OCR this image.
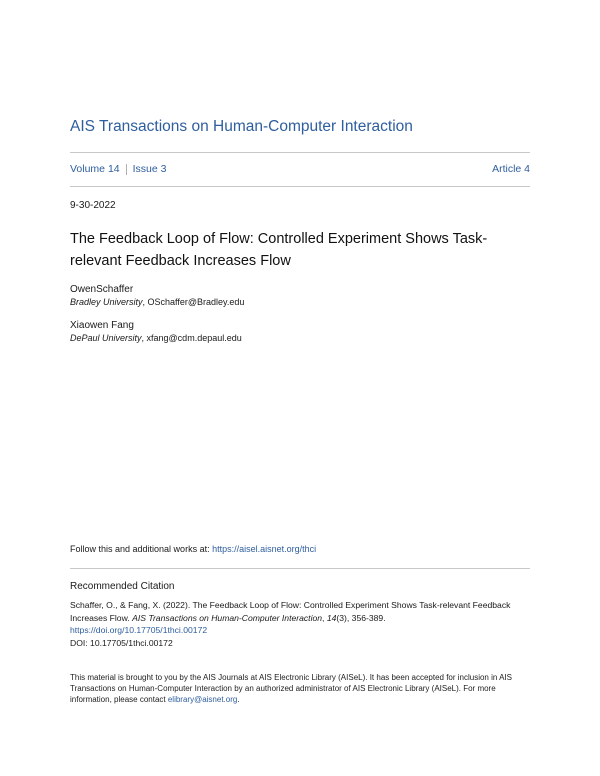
AIS Transactions on Human-Computer Interaction
Volume 14 Issue 3	Article 4
9-30-2022
The Feedback Loop of Flow: Controlled Experiment Shows Task-relevant Feedback Increases Flow
OwenSchaffer
Bradley University, OSchaffer@Bradley.edu
Xiaowen Fang
DePaul University, xfang@cdm.depaul.edu
Follow this and additional works at: https://aisel.aisnet.org/thci
Recommended Citation
Schaffer, O., & Fang, X. (2022). The Feedback Loop of Flow: Controlled Experiment Shows Task-relevant Feedback Increases Flow. AIS Transactions on Human-Computer Interaction, 14(3), 356-389.
https://doi.org/10.17705/1thci.00172
DOI: 10.17705/1thci.00172
This material is brought to you by the AIS Journals at AIS Electronic Library (AISeL). It has been accepted for inclusion in AIS Transactions on Human-Computer Interaction by an authorized administrator of AIS Electronic Library (AISeL). For more information, please contact elibrary@aisnet.org.
